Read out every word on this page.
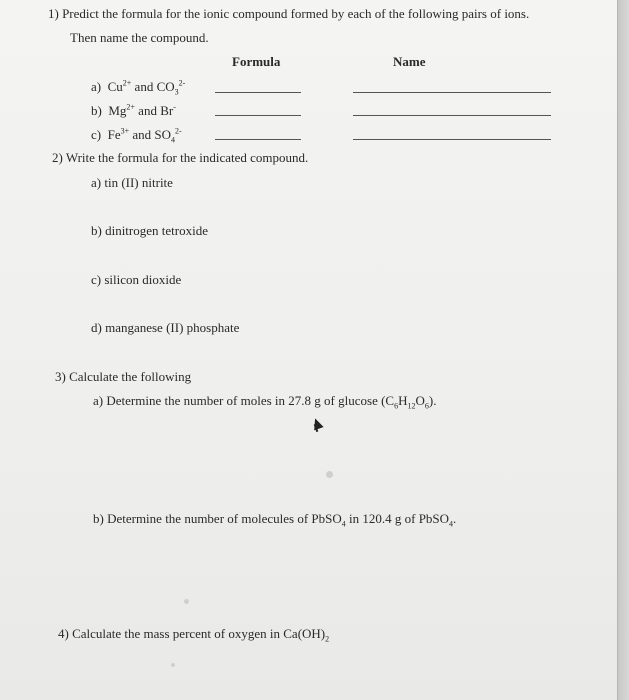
1) Predict the formula for the ionic compound formed by each of the following pairs of ions.
Then name the compound.
Formula	Name
a) $Cu^{2+}$ and $CO_3^{2-}$
b) $Mg^{2+}$ and Br-
c) $Fe^{3+}$ and $SO_4^{2-}$
2) Write the formula for the indicated compound.
a) tin (II) nitrite
b) dinitrogen tetroxide
c) silicon dioxide
d) manganese (II) phosphate
3) Calculate the following
a) Determine the number of moles in 27.8 g of glucose $(C_6H_{12}O_6)$.
b) Determine the number of molecules of PbSO$_4$ in 120.4 g of PbSO$_4$.
4) Calculate the mass percent of oxygen in $Ca(OH)_2$
